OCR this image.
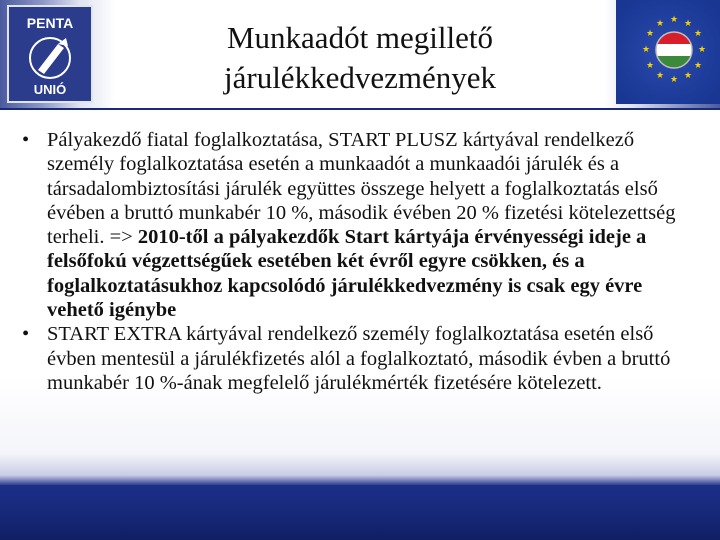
PENTA
UNIÓ
★ ★
★
★
★
★
★
★
★
★
★
★
Munkaadót megillető
járulékkedvezmények

• Pályakezdő fiatal foglalkoztatása, START PLUSZ kártyával rendelkező személy foglalkoztatása esetén a munkaadót a munkaadói járulék és a társadalombiztosítási járulék együttes összege helyett a foglalkoztatás első évében a bruttó munkabér 10 %, második évében 20 % fizetési kötelezettség terheli. => 2010-től a pályakezdők Start kártyája érvényességi ideje a felsőfokú végzettségűek esetében két évről egyre csökken, és a foglalkoztatásukhoz kapcsolódó járulékkedvezmény is csak egy évre vehető igénybe

• START EXTRA kártyával rendelkező személy foglalkoztatása esetén első évben mentesül a járulékfizetés alól a foglalkoztató, második évben a bruttó munkabér 10 %-ának megfelelő járulékmérték fizetésére kötelezett.
